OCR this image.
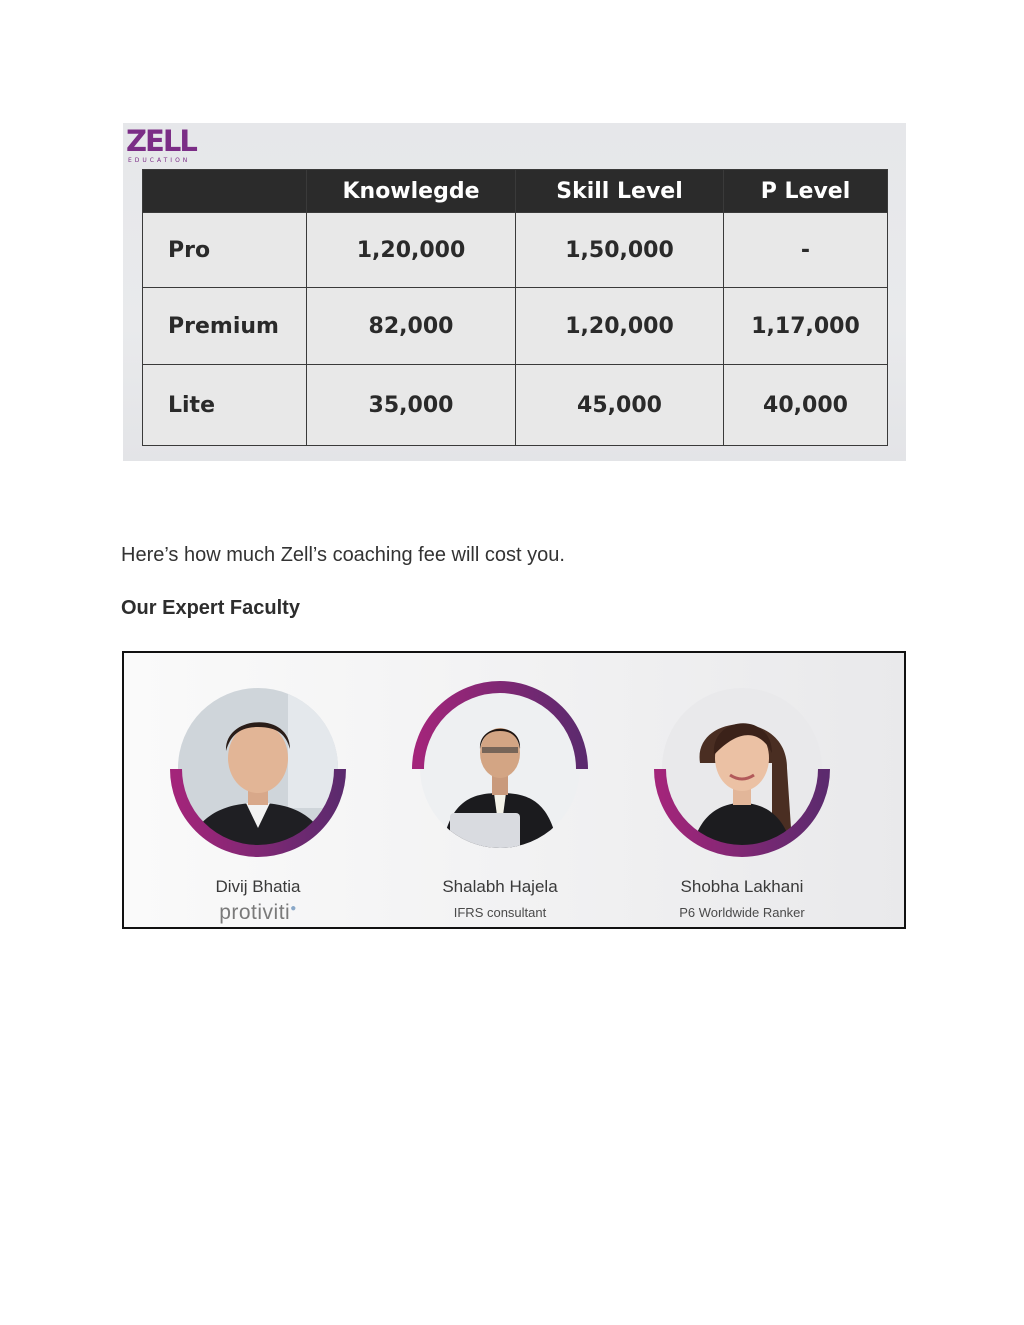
ZELL
EDUCATION
	Knowlegde	Skill Level	P Level
Pro	1,20,000	1,50,000	-
Premium	82,000	1,20,000	1,17,000
Lite	35,000	45,000	40,000

Here’s how much Zell’s coaching fee will cost you.

Our Expert Faculty
Divij Bhatia
protiviti●
Shalabh Hajela
IFRS consultant
Shobha Lakhani
P6 Worldwide Ranker
